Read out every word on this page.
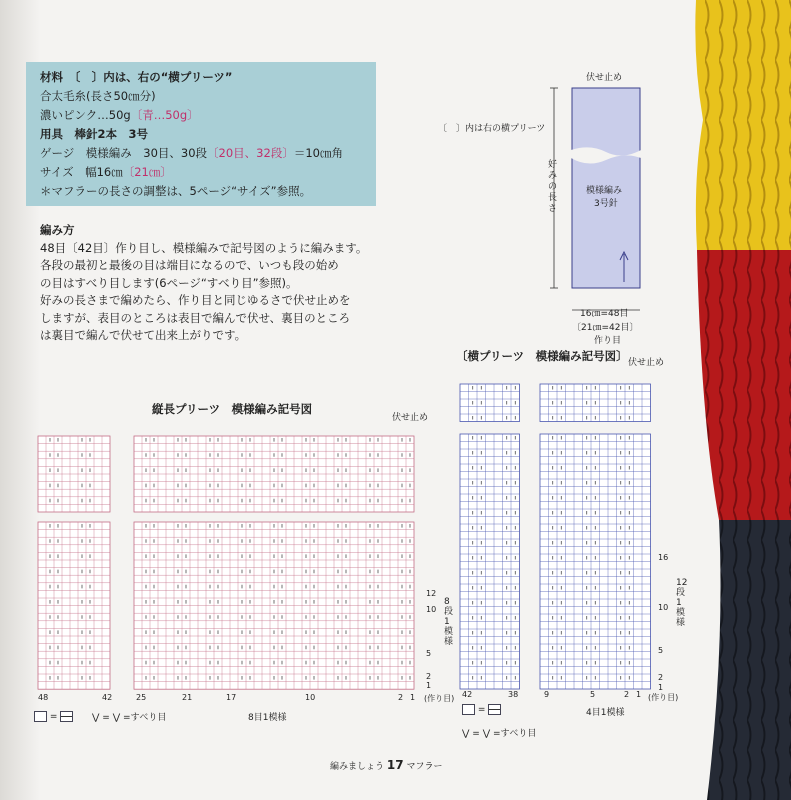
材料　〔　〕内は、右の“横プリーツ”
合太毛糸(長さ50㎝分)
濃いピンク…50g〔青…50g〕
用具　棒針2本　3号
ゲージ　模様編み　30目、30段〔20目、32段〕＝10㎝角
サイズ　幅16㎝〔21㎝〕
＊マフラーの長さの調整は、5ページ“サイズ”参照。
編み方
48目〔42目〕作り目し、模様編みで記号図のように編みます。
各段の最初と最後の目は端目になるので、いつも段の始め
の目はすべり目します(6ページ“すべり目”参照)。
好みの長さまで編めたら、作り目と同じゆるさで伏せ止めを
しますが、表目のところは表目で編んで伏せ、裏目のところ
は裏目で編んで伏せて出来上がりです。
伏せ止め
〔　〕内は右の横プリーツ
好みの長さ
模様編み
3号針
16㎝=48目
〔21㎝=42目〕
作り目
縦長プリーツ　模様編み記号図
伏せ止め
48	42	25	21	17	10	2 1
12
10
5
2
1
8段1模様
8目1模様
(作り目)
〔横プリーツ　模様編み記号図〕 伏せ止め
42	38	9	5	2 1
16
10
5
2
1
12段1模様
4目1模様
(作り目)
=	⋁ = ⋁ =すべり目
=
⋁ = ⋁ =すべり目
編みましょう 17 マフラー
